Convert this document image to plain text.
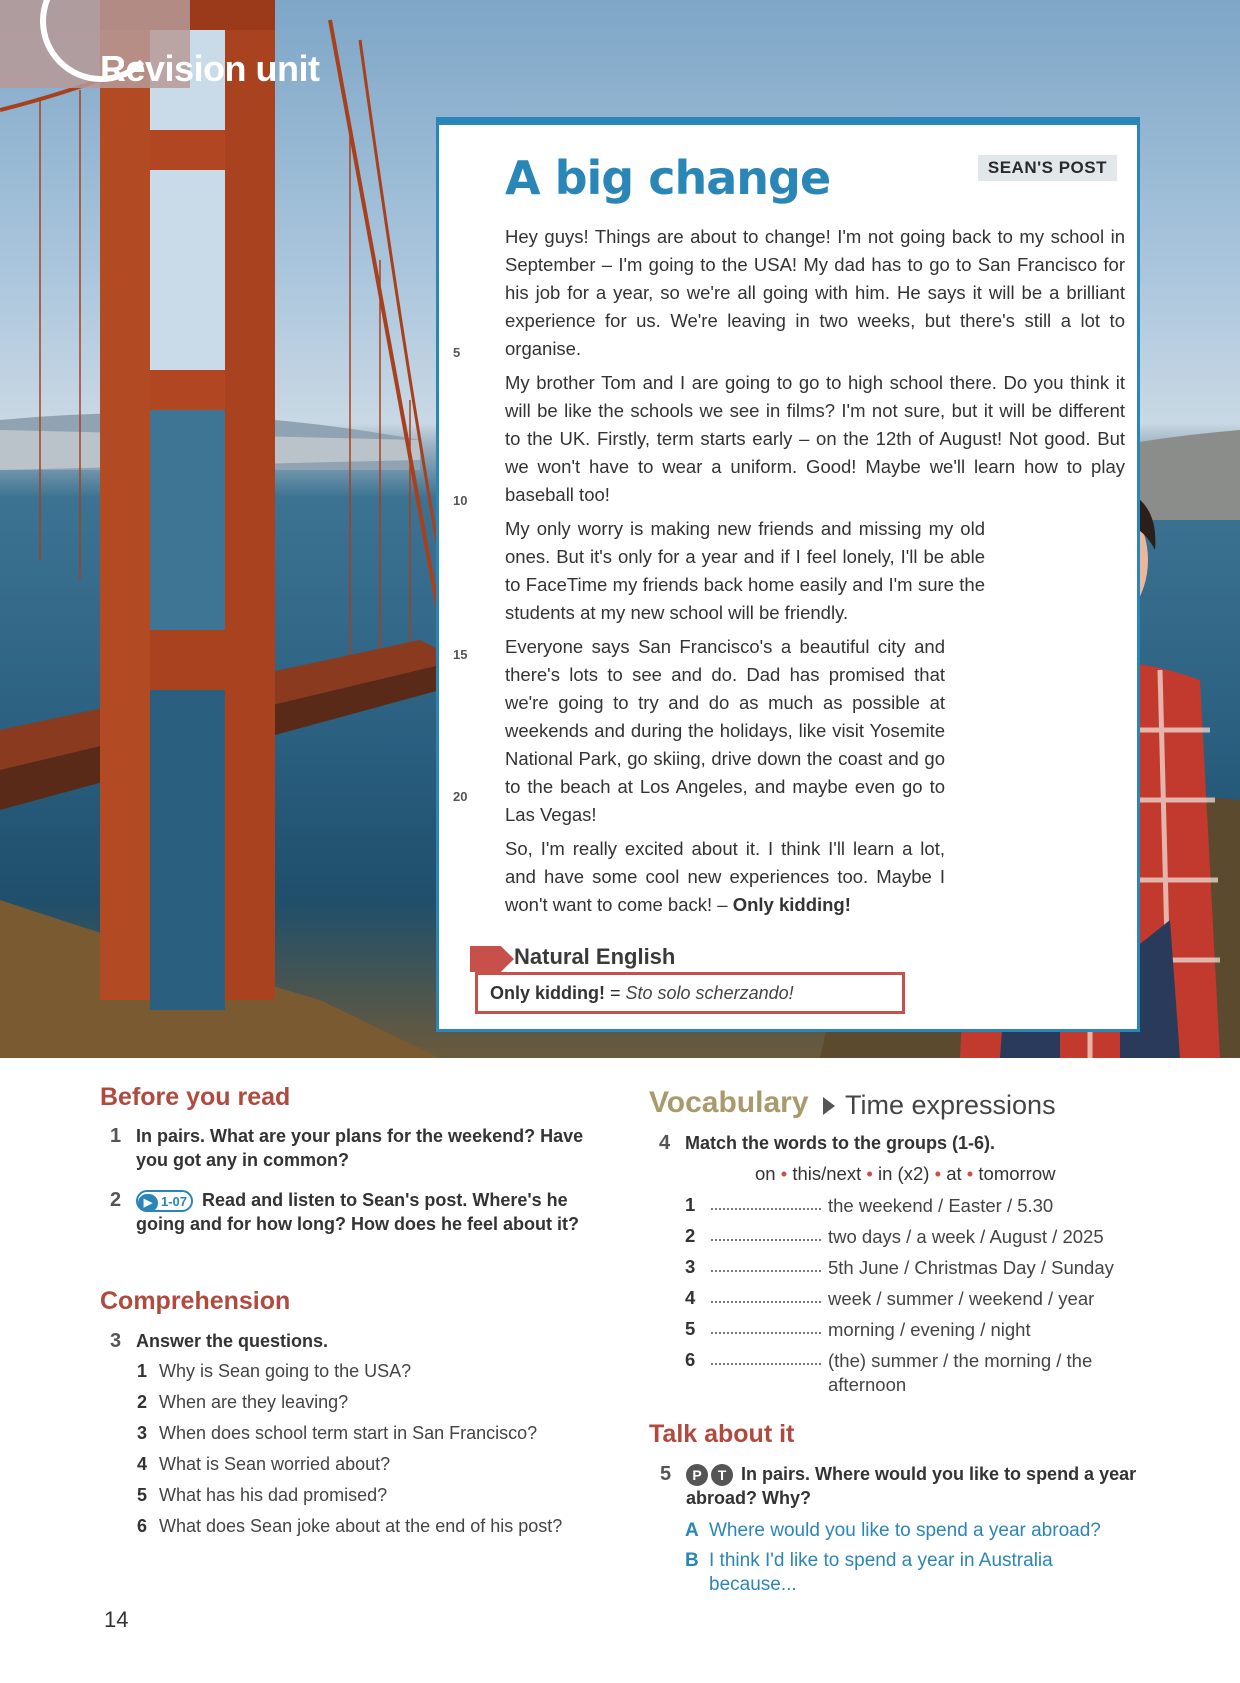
Revision unit
A big change	SEAN'S POST
5
10
15
20

Hey guys! Things are about to change! I'm not going back to my school in September – I'm going to the USA! My dad has to go to San Francisco for his job for a year, so we're all going with him. He says it will be a brilliant experience for us. We're leaving in two weeks, but there's still a lot to organise.

My brother Tom and I are going to go to high school there. Do you think it will be like the schools we see in films? I'm not sure, but it will be different to the UK. Firstly, term starts early – on the 12th of August! Not good. But we won't have to wear a uniform. Good! Maybe we'll learn how to play baseball too!

My only worry is making new friends and missing my old ones. But it's only for a year and if I feel lonely, I'll be able to FaceTime my friends back home easily and I'm sure the students at my new school will be friendly.

Everyone says San Francisco's a beautiful city and there's lots to see and do. Dad has promised that we're going to try and do as much as possible at weekends and during the holidays, like visit Yosemite National Park, go skiing, drive down the coast and go to the beach at Los Angeles, and maybe even go to Las Vegas!

So, I'm really excited about it. I think I'll learn a lot, and have some cool new experiences too. Maybe I won't want to come back! – Only kidding!

Natural English
Only kidding! = Sto solo scherzando!
Before you read
1 In pairs. What are your plans for the weekend? Have you got any in common?
2 ▶ 1-07 Read and listen to Sean's post. Where's he going and for how long? How does he feel about it?
Comprehension
3 Answer the questions.
1 Why is Sean going to the USA?
2 When are they leaving?
3 When does school term start in San Francisco?
4 What is Sean worried about?
5 What has his dad promised?
6 What does Sean joke about at the end of his post?
Vocabulary Time expressions
4 Match the words to the groups (1-6).
on • this/next • in (x2) • at • tomorrow
1	the weekend / Easter / 5.30
2	two days / a week / August / 2025
3	5th June / Christmas Day / Sunday
4	week / summer / weekend / year
5	morning / evening / night
6	(the) summer / the morning / the afternoon
Talk about it
5 P T In pairs. Where would you like to spend a year abroad? Why?
A Where would you like to spend a year abroad?
B I think I'd like to spend a year in Australia because...
14
